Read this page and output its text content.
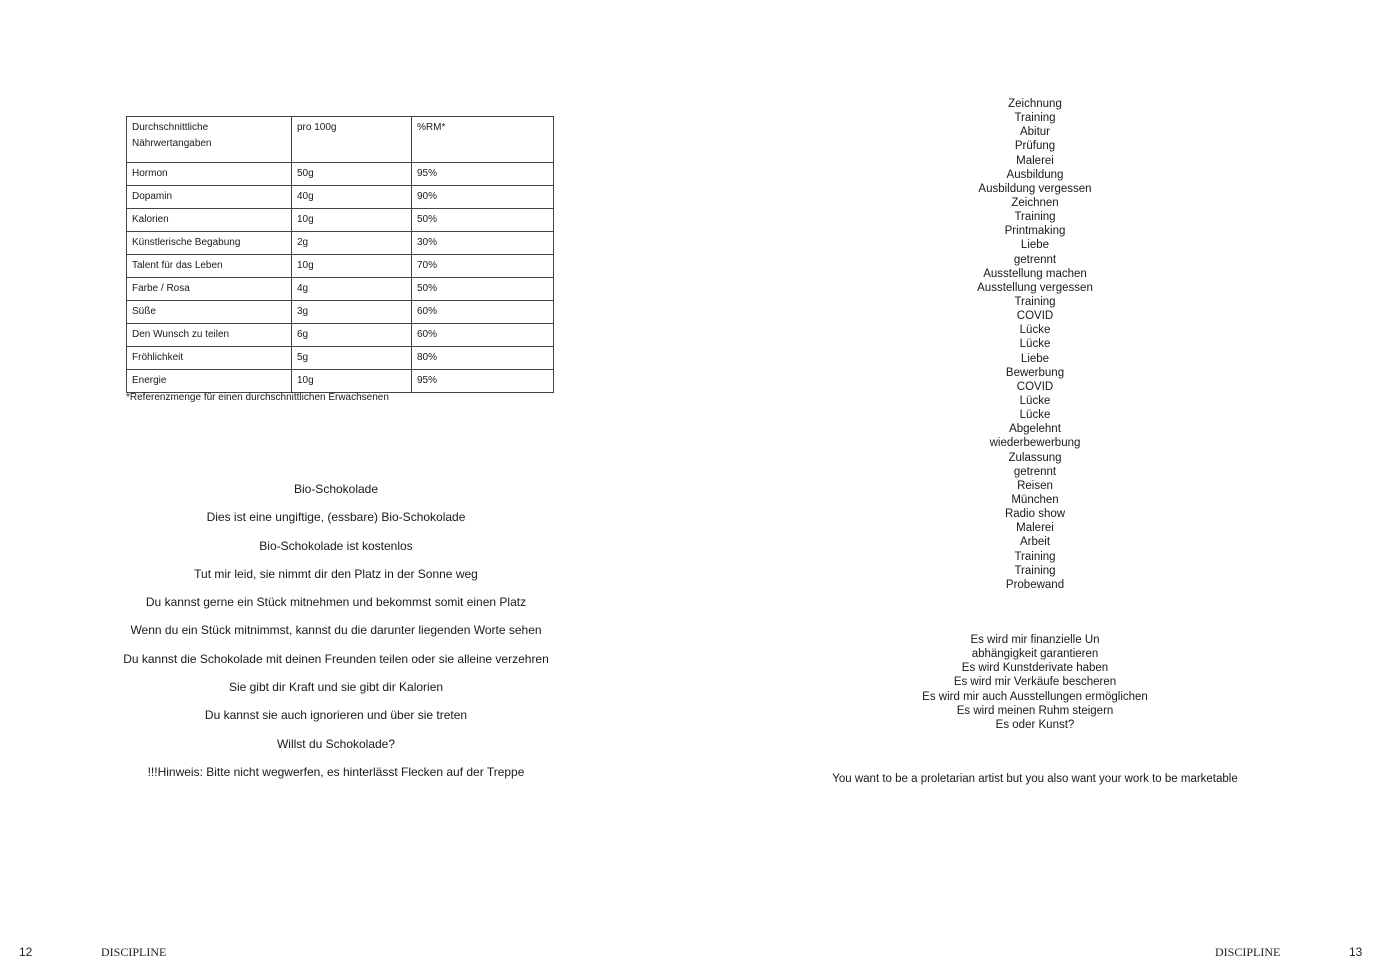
Durchschnittliche Nährwertangaben	pro 100g	%RM*
Hormon	50g	95%
Dopamin	40g	90%
Kalorien	10g	50%
Künstlerische Begabung	2g	30%
Talent für das Leben	10g	70%
Farbe / Rosa	4g	50%
Süße	3g	60%
Den Wunsch zu teilen	6g	60%
Fröhlichkeit	5g	80%
Energie	10g	95%
*Referenzmenge für einen durchschnittlichen Erwachsenen
Bio-Schokolade
Dies ist eine ungiftige, (essbare) Bio-Schokolade
Bio-Schokolade ist kostenlos
Tut mir leid, sie nimmt dir den Platz in der Sonne weg
Du kannst gerne ein Stück mitnehmen und bekommst somit einen Platz
Wenn du ein Stück mitnimmst, kannst du die darunter liegenden Worte sehen
Du kannst die Schokolade mit deinen Freunden teilen oder sie alleine verzehren
Sie gibt dir Kraft und sie gibt dir Kalorien
Du kannst sie auch ignorieren und über sie treten
Willst du Schokolade?
!!!Hinweis: Bitte nicht wegwerfen, es hinterlässt Flecken auf der Treppe
12	DISCIPLINE
Zeichnung
Training
Abitur
Prüfung
Malerei
Ausbildung
Ausbildung vergessen
Zeichnen
Training
Printmaking
Liebe
getrennt
Ausstellung machen
Ausstellung vergessen
Training
COVID
Lücke
Lücke
Liebe
Bewerbung
COVID
Lücke
Lücke
Abgelehnt
wiederbewerbung
Zulassung
getrennt
Reisen
München
Radio show
Malerei
Arbeit
Training
Training
Probewand
Es wird mir finanzielle Un
abhängigkeit garantieren
Es wird Kunstderivate haben
Es wird mir Verkäufe bescheren
Es wird mir auch Ausstellungen ermöglichen
Es wird meinen Ruhm steigern
Es oder Kunst?
You want to be a proletarian artist but you also want your work to be marketable
DISCIPLINE	13
